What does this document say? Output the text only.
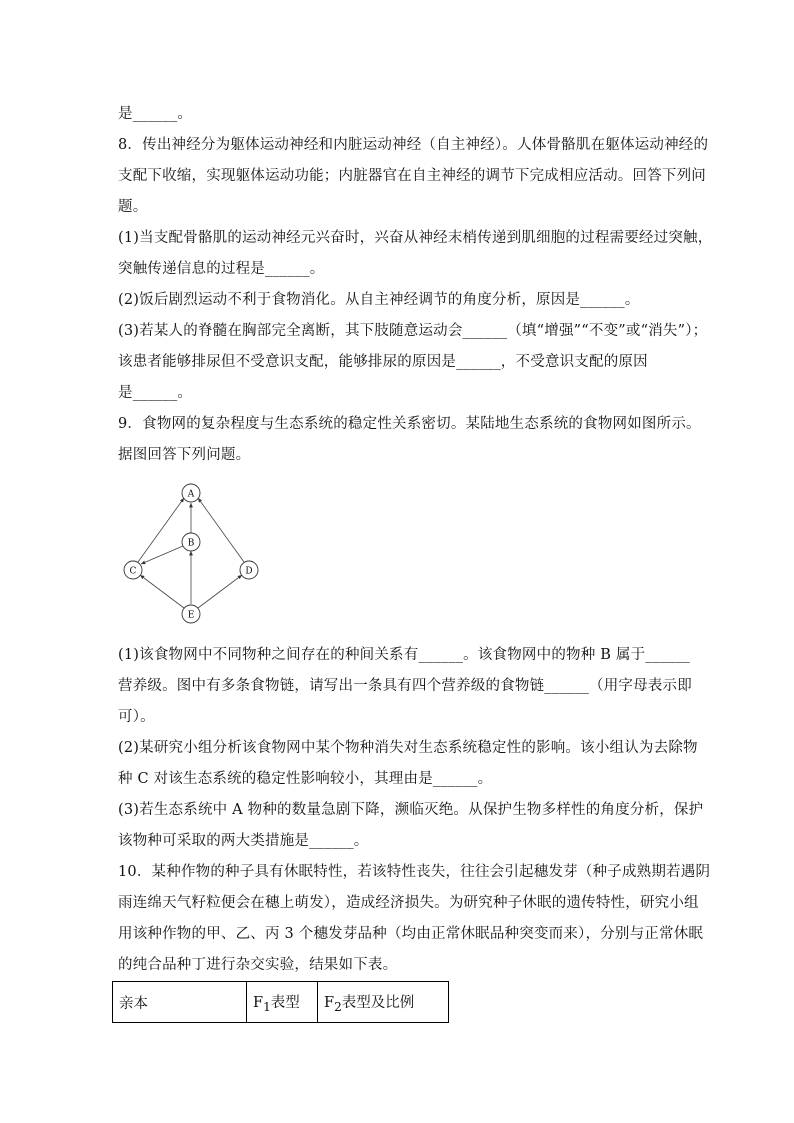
是______。
8．传出神经分为躯体运动神经和内脏运动神经（自主神经）。人体骨骼肌在躯体运动神经的
支配下收缩，实现躯体运动功能；内脏器官在自主神经的调节下完成相应活动。回答下列问
题。
(1)当支配骨骼肌的运动神经元兴奋时，兴奋从神经末梢传递到肌细胞的过程需要经过突触，
突触传递信息的过程是______。
(2)饭后剧烈运动不利于食物消化。从自主神经调节的角度分析，原因是______。
(3)若某人的脊髓在胸部完全离断，其下肢随意运动会______（填“增强”“不变”或“消失”）；
该患者能够排尿但不受意识支配，能够排尿的原因是______，不受意识支配的原因
是______。
9．食物网的复杂程度与生态系统的稳定性关系密切。某陆地生态系统的食物网如图所示。
据图回答下列问题。
A
B
C	D
E
(1)该食物网中不同物种之间存在的种间关系有______。该食物网中的物种 B 属于______
营养级。图中有多条食物链，请写出一条具有四个营养级的食物链______（用字母表示即
可）。
(2)某研究小组分析该食物网中某个物种消失对生态系统稳定性的影响。该小组认为去除物
种 C 对该生态系统的稳定性影响较小，其理由是______。
(3)若生态系统中 A 物种的数量急剧下降，濒临灭绝。从保护生物多样性的角度分析，保护
该物种可采取的两大类措施是______。
10．某种作物的种子具有休眠特性，若该特性丧失，往往会引起穗发芽（种子成熟期若遇阴
雨连绵天气籽粒便会在穗上萌发），造成经济损失。为研究种子休眠的遗传特性，研究小组
用该种作物的甲、乙、丙 3 个穗发芽品种（均由正常休眠品种突变而来），分别与正常休眠
的纯合品种丁进行杂交实验，结果如下表。
亲本	$F_1$表型	$F_2$表型及比例
